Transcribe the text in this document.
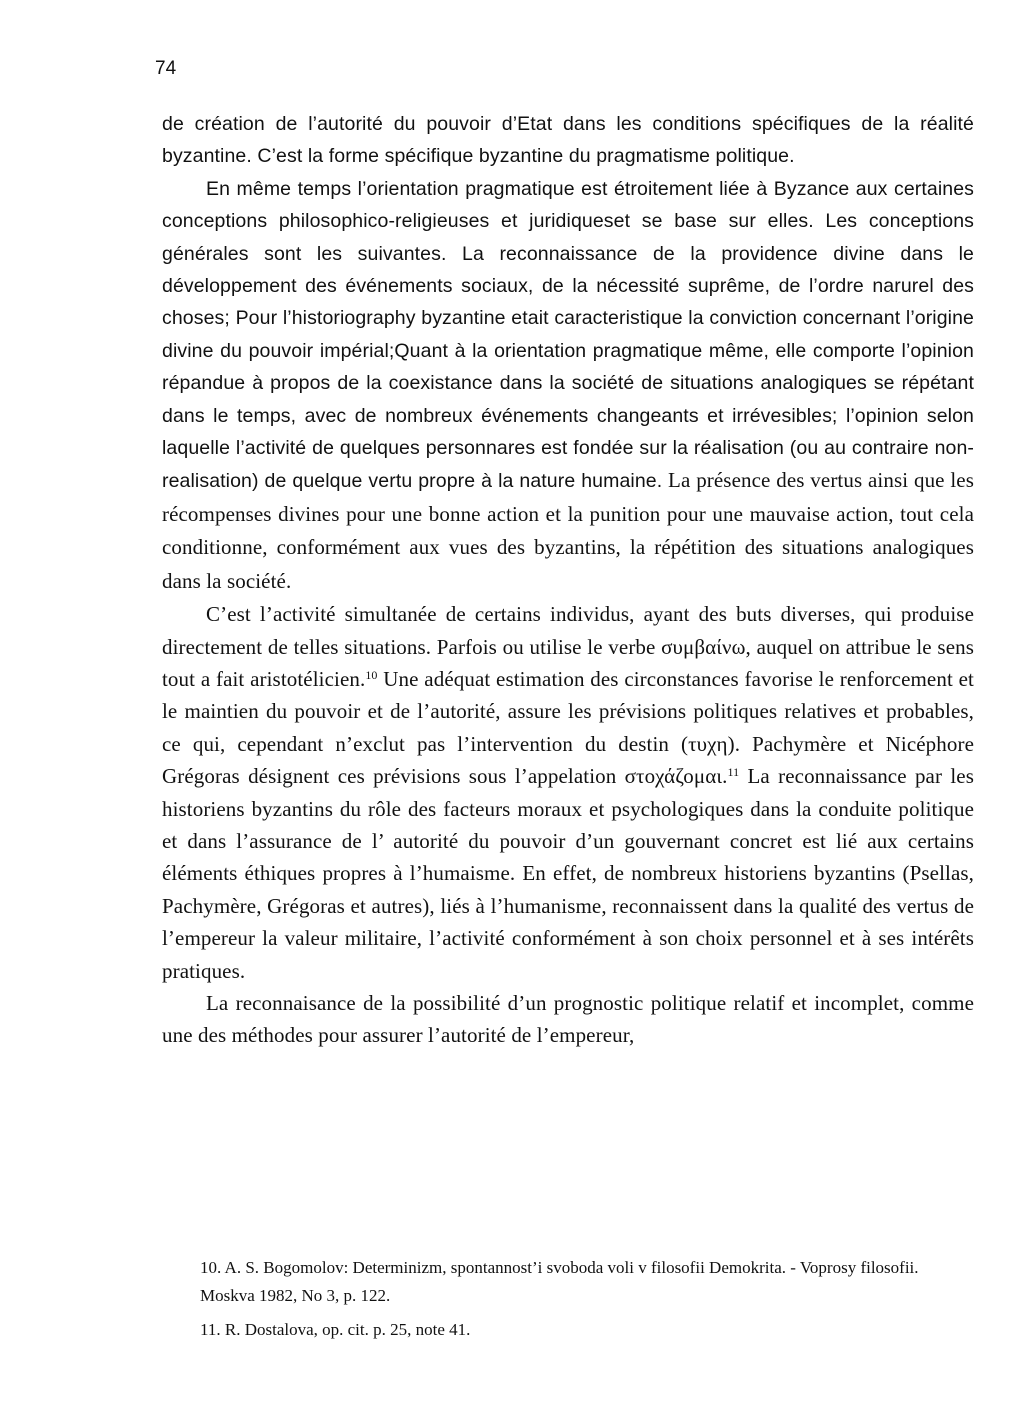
74

de création de l’autorité du pouvoir d’Etat dans les conditions spécifiques de la réalité byzantine. C’est la forme spécifique byzantine du pragmatisme politique.

En même temps l’orientation pragmatique est étroitement liée à Byzance aux certaines conceptions philosophico-religieuses et juridiqueset se base sur elles. Les conceptions générales sont les suivantes. La reconnaissance de la providence divine dans le développement des événements sociaux, de la nécessité suprême, de l’ordre narurel des choses; Pour l’historiography byzantine etait caracteristique la conviction concernant l’origine divine du pouvoir impérial;Quant à la orientation pragmatique même, elle comporte l’opinion répandue à propos de la coexistance dans la société de situations analogiques se répétant dans le temps, avec de nombreux événements changeants et irrévesibles; l’opinion selon laquelle l’activité de quelques personnares est fondée sur la réalisation (ou au contraire non-realisation) de quelque vertu propre à la nature humaine. La présence des vertus ainsi que les récompenses divines pour une bonne action et la punition pour une mauvaise action, tout cela conditionne, conformément aux vues des byzantins, la répétition des situations analogiques dans la société.

C’est l’activité simultanée de certains individus, ayant des buts diverses, qui produise directement de telles situations. Parfois ou utilise le verbe συμβαίνω, auquel on attribue le sens tout a fait aristotélicien.$^{10}$ Une adéquat estimation des circonstances favorise le renforcement et le maintien du pouvoir et de l’autorité, assure les prévisions politiques relatives et probables, ce qui, cependant n’exclut pas l’intervention du destin (τυχη). Pachymère et Nicéphore Grégoras désignent ces prévisions sous l’appelation στοχάζομαι.$^{11}$ La reconnaissance par les historiens byzantins du rôle des facteurs moraux et psychologiques dans la conduite politique et dans l’assurance de l’ autorité du pouvoir d’un gouvernant concret est lié aux certains éléments éthiques propres à l’humaisme. En effet, de nombreux historiens byzantins (Psellas, Pachymère, Grégoras et autres), liés à l’humanisme, reconnaissent dans la qualité des vertus de l’empereur la valeur militaire, l’activité conformément à son choix personnel et à ses intérêts pratiques.

La reconnaisance de la possibilité d’un prognostic politique relatif et incomplet, comme une des méthodes pour assurer l’autorité de l’empereur,

10. A. S. Bogomolov: Determinizm, spontannost’i svoboda voli v filosofii Demokrita. - Voprosy filosofii. Moskva 1982, No 3, p. 122.

11. R. Dostalova, op. cit. p. 25, note 41.
